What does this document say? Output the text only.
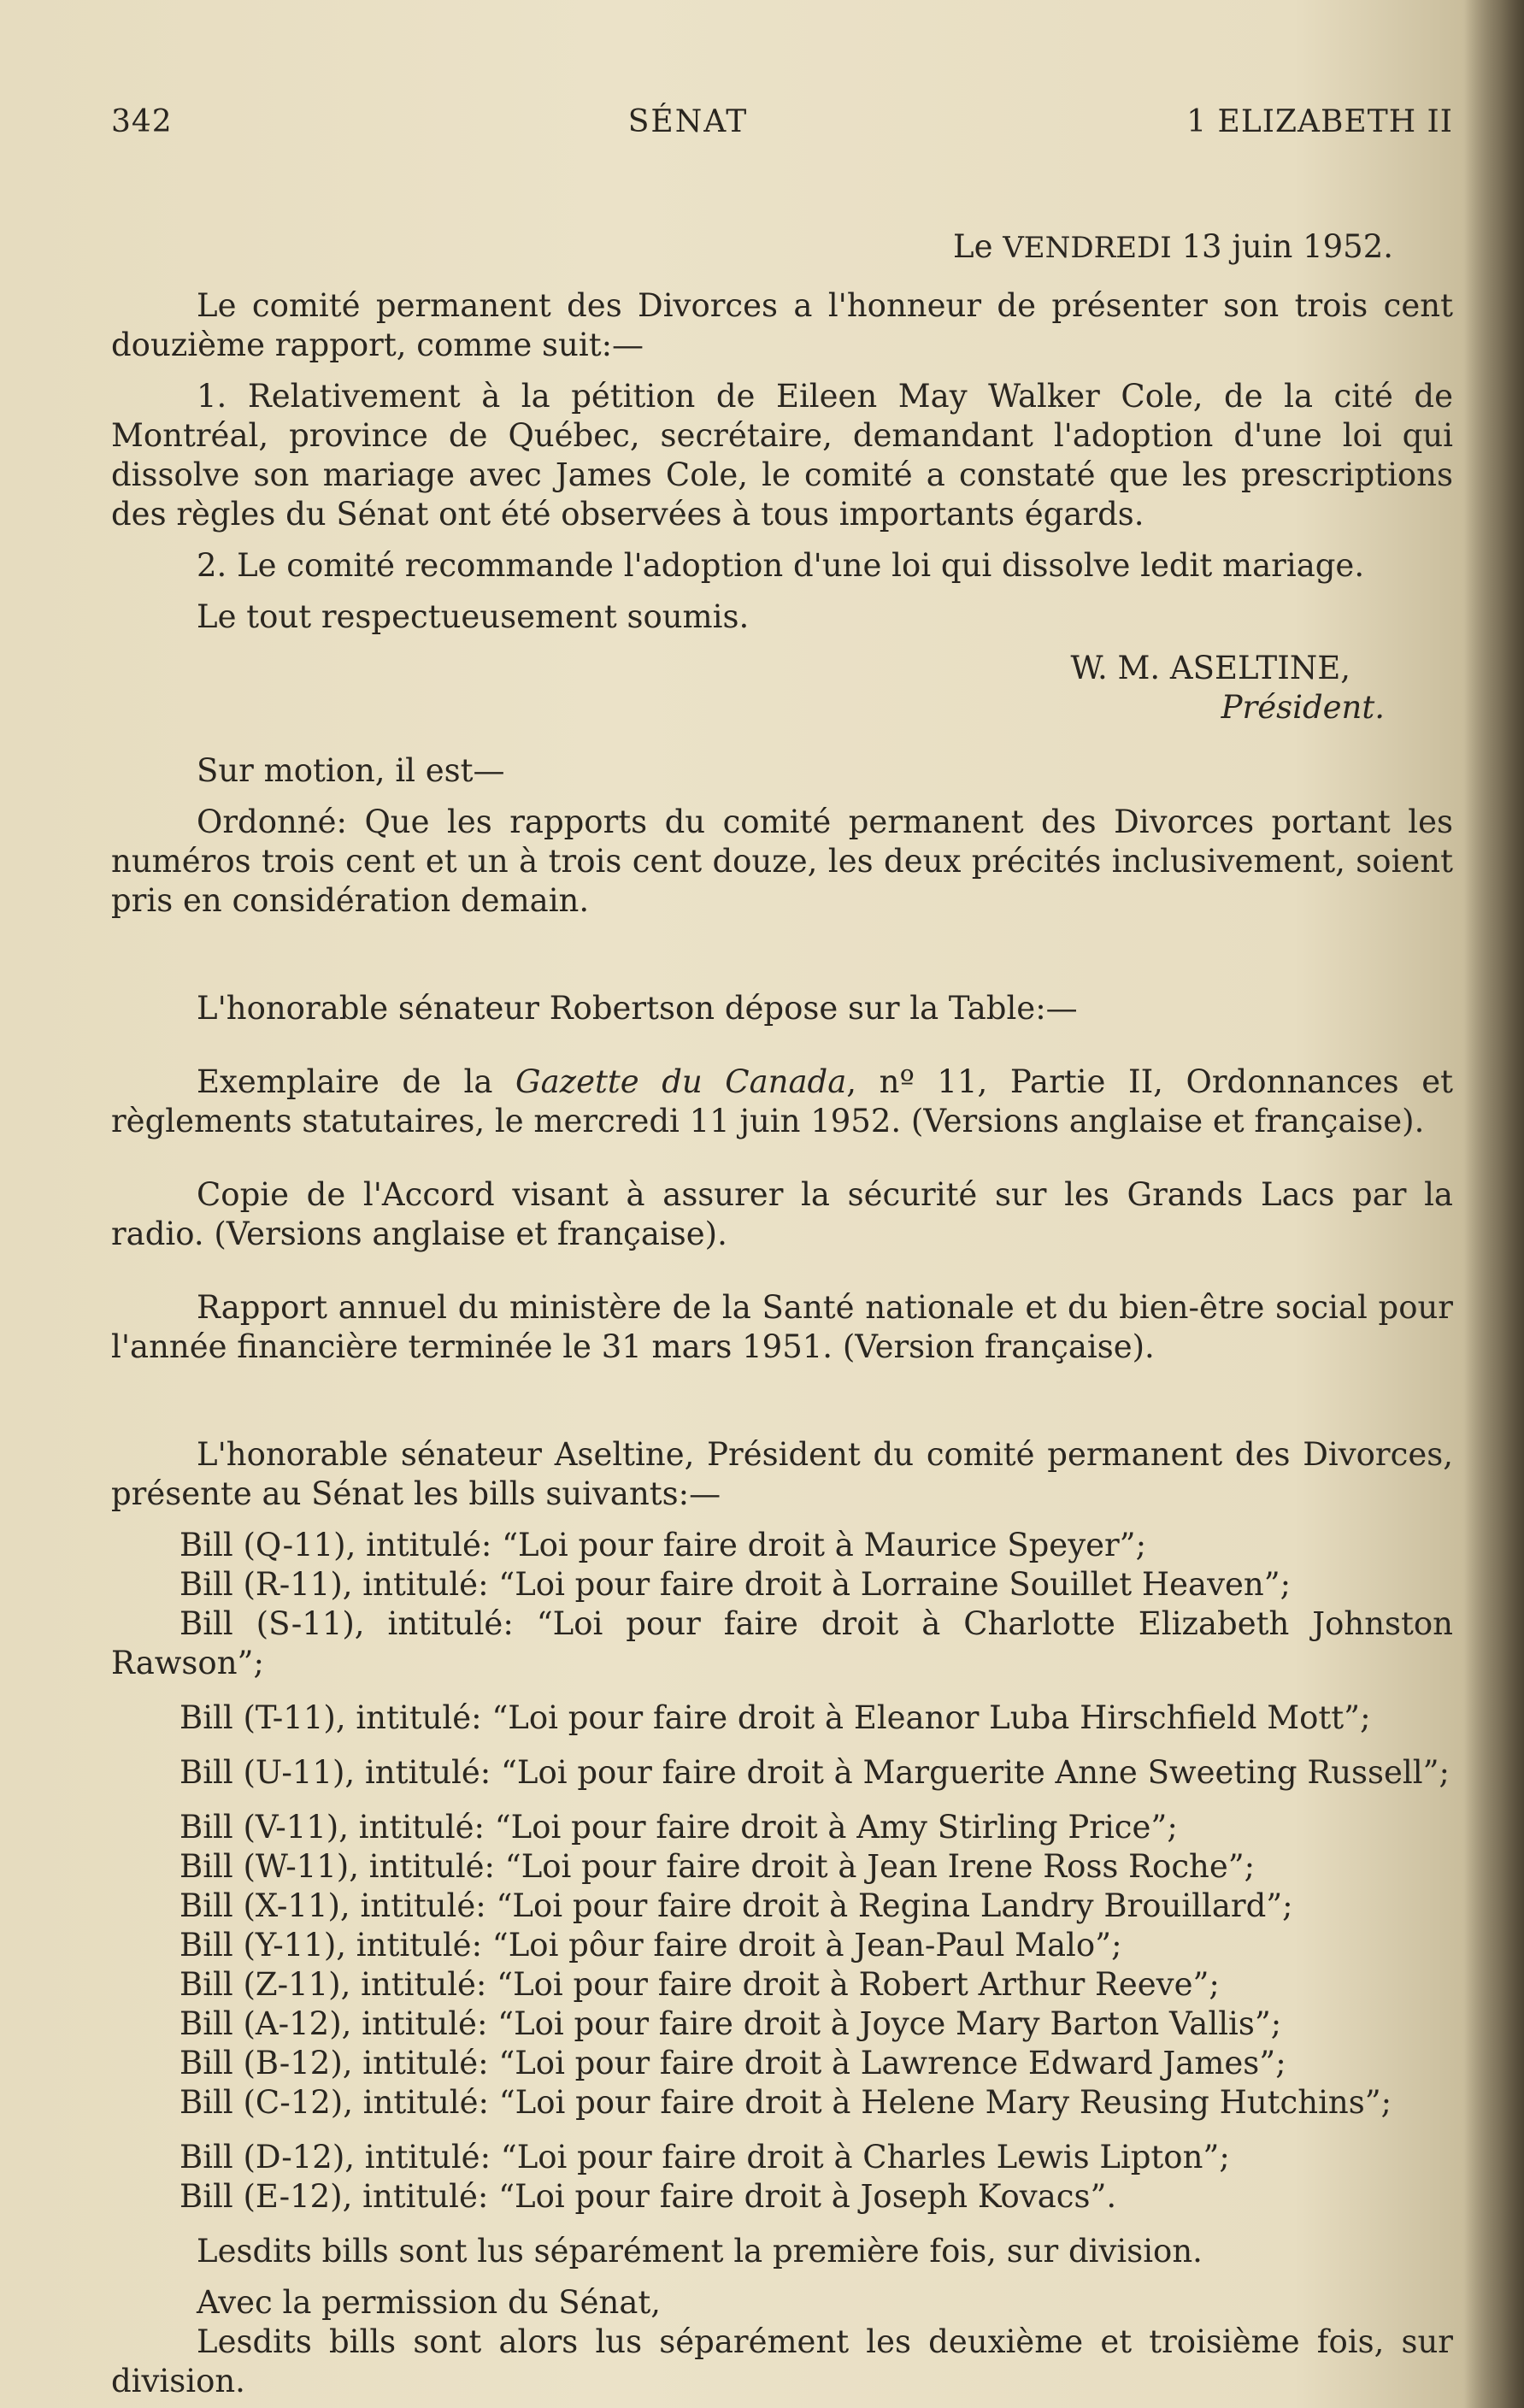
342	SÉNAT	1 ELIZABETH II
Le VENDREDI 13 juin 1952.

Le comité permanent des Divorces a l'honneur de présenter son trois cent douzième rapport, comme suit:—

1. Relativement à la pétition de Eileen May Walker Cole, de la cité de Montréal, province de Québec, secrétaire, demandant l'adoption d'une loi qui dissolve son mariage avec James Cole, le comité a constaté que les prescriptions des règles du Sénat ont été observées à tous importants égards.

2. Le comité recommande l'adoption d'une loi qui dissolve ledit mariage.

Le tout respectueusement soumis.

W. M. ASELTINE,

Président.

Sur motion, il est—

Ordonné: Que les rapports du comité permanent des Divorces portant les numéros trois cent et un à trois cent douze, les deux précités inclusivement, soient pris en considération demain.

L'honorable sénateur Robertson dépose sur la Table:—

Exemplaire de la Gazette du Canada, nº 11, Partie II, Ordonnances et règlements statutaires, le mercredi 11 juin 1952. (Versions anglaise et française).

Copie de l'Accord visant à assurer la sécurité sur les Grands Lacs par la radio. (Versions anglaise et française).

Rapport annuel du ministère de la Santé nationale et du bien-être social pour l'année financière terminée le 31 mars 1951. (Version française).

L'honorable sénateur Aseltine, Président du comité permanent des Divorces, présente au Sénat les bills suivants:—

Bill (Q-11), intitulé: “Loi pour faire droit à Maurice Speyer”;
Bill (R-11), intitulé: “Loi pour faire droit à Lorraine Souillet Heaven”;
Bill (S-11), intitulé: “Loi pour faire droit à Charlotte Elizabeth Johnston Rawson”;
Bill (T-11), intitulé: “Loi pour faire droit à Eleanor Luba Hirschfield Mott”;
Bill (U-11), intitulé: “Loi pour faire droit à Marguerite Anne Sweeting Russell”;
Bill (V-11), intitulé: “Loi pour faire droit à Amy Stirling Price”;
Bill (W-11), intitulé: “Loi pour faire droit à Jean Irene Ross Roche”;
Bill (X-11), intitulé: “Loi pour faire droit à Regina Landry Brouillard”;
Bill (Y-11), intitulé: “Loi pôur faire droit à Jean-Paul Malo”;
Bill (Z-11), intitulé: “Loi pour faire droit à Robert Arthur Reeve”;
Bill (A-12), intitulé: “Loi pour faire droit à Joyce Mary Barton Vallis”;
Bill (B-12), intitulé: “Loi pour faire droit à Lawrence Edward James”;
Bill (C-12), intitulé: “Loi pour faire droit à Helene Mary Reusing Hutchins”;
Bill (D-12), intitulé: “Loi pour faire droit à Charles Lewis Lipton”;
Bill (E-12), intitulé: “Loi pour faire droit à Joseph Kovacs”.

Lesdits bills sont lus séparément la première fois, sur division.

Avec la permission du Sénat,

Lesdits bills sont alors lus séparément les deuxième et troisième fois, sur division.
